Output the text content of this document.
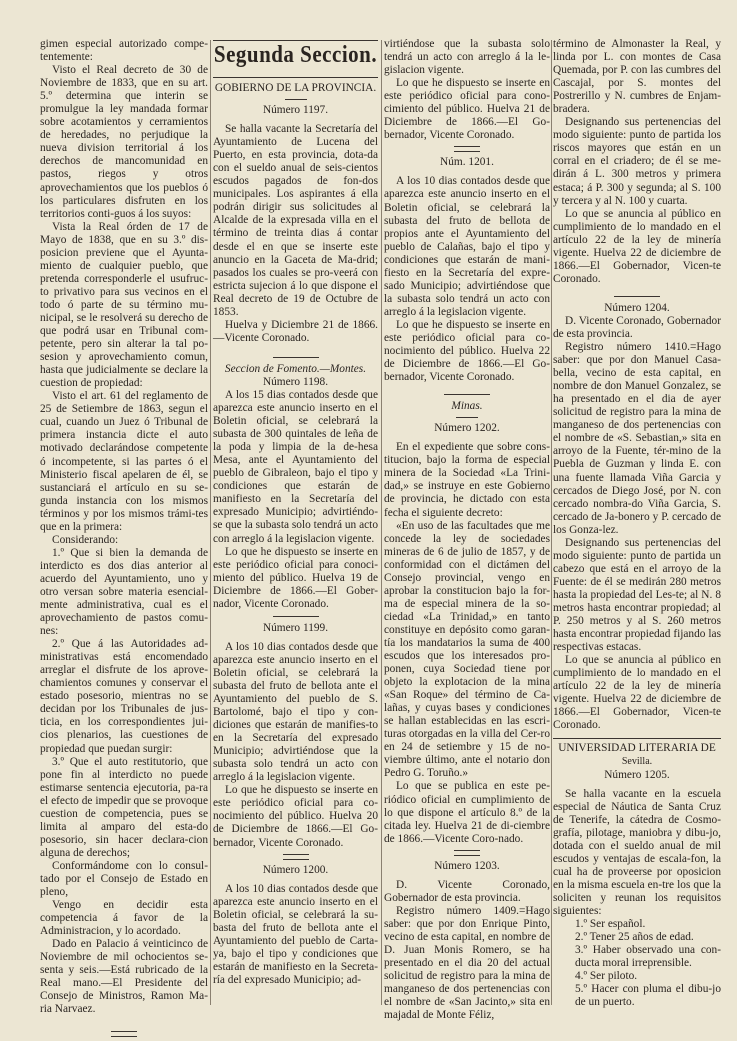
gimen especial autorizado compe-tentemente:

Visto el Real decreto de 30 de Noviembre de 1833, que en su art. 5.º determina que interin se promulgue la ley mandada formar sobre acotamientos y cerramientos de heredades, no perjudique la nueva division territorial á los derechos de mancomunidad en pastos, riegos y otros aprovechamientos que los pueblos ó los particulares disfruten en los territorios conti-guos á los suyos:

Vista la Real órden de 17 de Mayo de 1838, que en su 3.º dis-posicion previene que el Ayunta-miento de cualquier pueblo, que pretenda corresponderle el usufruc-to privativo para sus vecinos en el todo ó parte de su término mu-nicipal, se le resolverá su derecho de que podrá usar en Tribunal com-petente, pero sin alterar la tal po-sesion y aprovechamiento comun, hasta que judicialmente se declare la cuestion de propiedad:

Visto el art. 61 del reglamento de 25 de Setiembre de 1863, segun el cual, cuando un Juez ó Tribunal de primera instancia dicte el auto motivado declarándose competente ó incompetente, si las partes ó el Ministerio fiscal apelaren de él, se sustanciará el artículo en su se-gunda instancia con los mismos términos y por los mismos trámi-tes que en la primera:

Considerando:

1.º Que si bien la demanda de interdicto es dos dias anterior al acuerdo del Ayuntamiento, uno y otro versan sobre materia esencial-mente administrativa, cual es el aprovechamiento de pastos comu-nes:

2.º Que á las Autoridades ad-ministrativas está encomendado arreglar el disfrute de los aprove-chamientos comunes y conservar el estado posesorio, mientras no se decidan por los Tribunales de jus-ticia, en los correspondientes jui-cios plenarios, las cuestiones de propiedad que puedan surgir:

3.º Que el auto restitutorio, que pone fin al interdicto no puede estimarse sentencia ejecutoria, pa-ra el efecto de impedir que se provoque cuestion de competencia, pues se limita al amparo del esta-do posesorio, sin hacer declara-cion alguna de derechos;

Conformándome con lo consul-tado por el Consejo de Estado en pleno,

Vengo en decidir esta competencia á favor de la Administracion, y lo acordado.

Dado en Palacio á veinticinco de Noviembre de mil ochocientos se-senta y seis.—Está rubricado de la Real mano.—El Presidente del Consejo de Ministros, Ramon Ma-ria Narvaez.

Segunda Seccion.

GOBIERNO DE LA PROVINCIA.

Número 1197.

Se halla vacante la Secretaría del Ayuntamiento de Lucena del Puerto, en esta provincia, dota-da con el sueldo anual de seis-cientos escudos pagados de fon-dos municipales. Los aspirantes á ella podrán dirigir sus solicitudes al Alcalde de la expresada villa en el término de treinta dias á contar desde el en que se inserte este anuncio en la Gaceta de Ma-drid; pasados los cuales se pro-veerá con estricta sujecion á lo que dispone el Real decreto de 19 de Octubre de 1853.

Huelva y Diciembre 21 de 1866. —Vicente Coronado.

Seccion de Fomento.—Montes.

Número 1198.

A los 15 dias contados desde que aparezca este anuncio inserto en el Boletin oficial, se celebrará la subasta de 300 quintales de leña de la poda y limpia de la de-hesa Mesa, ante el Ayuntamiento del pueblo de Gibraleon, bajo el tipo y condiciones que estarán de manifiesto en la Secretaría del expresado Municipio; advirtiéndo-se que la subasta solo tendrá un acto con arreglo á la legislacion vigente.

Lo que he dispuesto se inserte en este periódico oficial para conoci-miento del público. Huelva 19 de Diciembre de 1866.—El Gober-nador, Vicente Coronado.

Número 1199.

A los 10 dias contados desde que aparezca este anuncio inserto en el Boletin oficial, se celebrará la subasta del fruto de bellota ante el Ayuntamiento del pueblo de S. Bartolomé, bajo el tipo y con-diciones que estarán de manifies-to en la Secretaría del expresado Municipio; advirtiéndose que la subasta solo tendrá un acto con arreglo á la legislacion vigente.

Lo que he dispuesto se inserte en este periódico oficial para co-nocimiento del público. Huelva 20 de Diciembre de 1866.—El Go-bernador, Vicente Coronado.

Número 1200.

A los 10 dias contados desde que aparezca este anuncio inserto en el Boletin oficial, se celebrará la su-basta del fruto de bellota ante el Ayuntamiento del pueblo de Carta-ya, bajo el tipo y condiciones que estarán de manifiesto en la Secreta-ría del expresado Municipio; ad-

virtiéndose que la subasta solo tendrá un acto con arreglo á la le-gislacion vigente.

Lo que he dispuesto se inserte en este periódico oficial para cono-cimiento del público. Huelva 21 de Diciembre de 1866.—El Go-bernador, Vicente Coronado.

Núm. 1201.

A los 10 dias contados desde que aparezca este anuncio inserto en el Boletin oficial, se celebrará la subasta del fruto de bellota de propios ante el Ayuntamiento del pueblo de Calañas, bajo el tipo y condiciones que estarán de mani-fiesto en la Secretaría del expre-sado Municipio; advirtiéndose que la subasta solo tendrá un acto con arreglo á la legislacion vigente.

Lo que he dispuesto se inserte en este periódico oficial para co-nocimiento del público. Huelva 22 de Diciembre de 1866.—El Go-bernador, Vicente Coronado.

Minas.

Número 1202.

En el expediente que sobre cons-titucion, bajo la forma de especial minera de la Sociedad «La Trini-dad,» se instruye en este Gobierno de provincia, he dictado con esta fecha el siguiente decreto:

«En uso de las facultades que me concede la ley de sociedades mineras de 6 de julio de 1857, y de conformidad con el dictámen del Consejo provincial, vengo en aprobar la constitucion bajo la for-ma de especial minera de la so-ciedad «La Trinidad,» en tanto constituye en depósito como garan-tía los mandatarios la suma de 400 escudos que los interesados pro-ponen, cuya Sociedad tiene por objeto la explotacion de la mina «San Roque» del término de Ca-lañas, y cuyas bases y condiciones se hallan establecidas en las escri-turas otorgadas en la villa del Cer-ro en 24 de setiembre y 15 de no-viembre último, ante el notario don Pedro G. Toruño.»

Lo que se publica en este pe-riódico oficial en cumplimiento de lo que dispone el artículo 8.º de la citada ley. Huelva 21 de di-ciembre de 1866.—Vicente Coro-nado.

Número 1203.

D. Vicente Coronado, Gobernador de esta provincia.

Registro número 1409.=Hago saber: que por don Enrique Pinto, vecino de esta capital, en nombre de D. Juan Monis Romero, se ha presentado en el dia 20 del actual solicitud de registro para la mina de manganeso de dos pertenencias con el nombre de «San Jacinto,» sita en majadal de Monte Féliz,

término de Almonaster la Real, y linda por L. con montes de Casa Quemada, por P. con las cumbres del Cascajal, por S. montes del Postrerillo y N. cumbres de Enjam-bradera.

Designando sus pertenencias del modo siguiente: punto de partida los riscos mayores que están en un corral en el criadero; de él se me-dirán á L. 300 metros y primera estaca; á P. 300 y segunda; al S. 100 y tercera y al N. 100 y cuarta.

Lo que se anuncia al público en cumplimiento de lo mandado en el artículo 22 de la ley de minería vigente. Huelva 22 de diciembre de 1866.—El Gobernador, Vicen-te Coronado.

Número 1204.

D. Vicente Coronado, Gobernador de esta provincia.

Registro número 1410.=Hago saber: que por don Manuel Casa-bella, vecino de esta capital, en nombre de don Manuel Gonzalez, se ha presentado en el dia de ayer solicitud de registro para la mina de manganeso de dos pertenencias con el nombre de «S. Sebastian,» sita en arroyo de la Fuente, tér-mino de la Puebla de Guzman y linda E. con una fuente llamada Viña Garcia y cercados de Diego José, por N. con cercado nombra-do Viña Garcia, S. cercado de Ja-bonero y P. cercado de los Gonza-lez.

Designando sus pertenencias del modo siguiente: punto de partida un cabezo que está en el arroyo de la Fuente: de él se medirán 280 metros hasta la propiedad del Les-te; al N. 8 metros hasta encontrar propiedad; al P. 250 metros y al S. 260 metros hasta encontrar propiedad fijando las respectivas estacas.

Lo que se anuncia al público en cumplimiento de lo mandado en el artículo 22 de la ley de minería vigente. Huelva 22 de diciembre de 1866.—El Gobernador, Vicen-te Coronado.

UNIVERSIDAD LITERARIA DE

Sevilla.

Número 1205.

Se halla vacante en la escuela especial de Náutica de Santa Cruz de Tenerife, la cátedra de Cosmo-grafía, pilotage, maniobra y dibu-jo, dotada con el sueldo anual de mil escudos y ventajas de escala-fon, la cual ha de proveerse por oposicion en la misma escuela en-tre los que la soliciten y reunan los requisitos siguientes:

1.º Ser español.

2.º Tener 25 años de edad.

3.º Haber observado una con-ducta moral irreprensible.

4.º Ser piloto.

5.º Hacer con pluma el dibu-jo de un puerto.
